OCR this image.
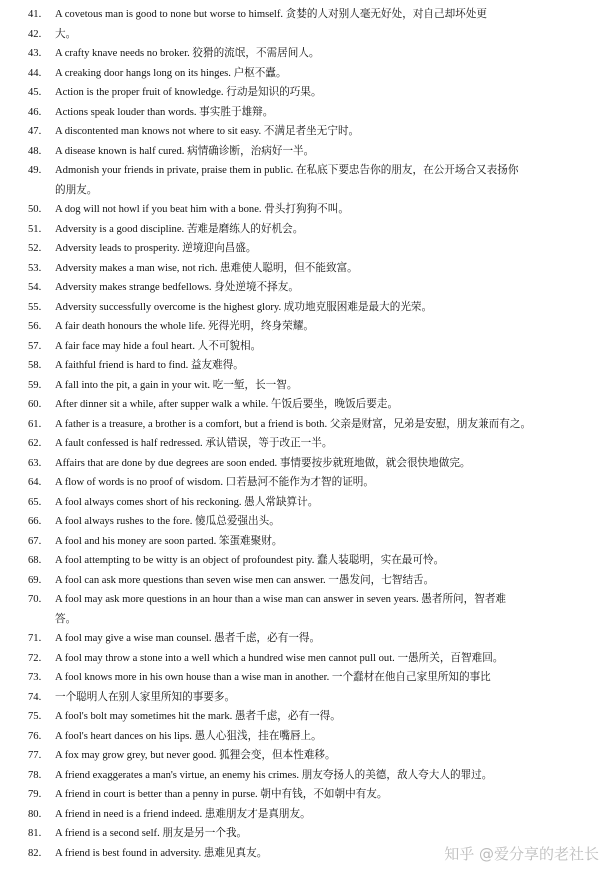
41.	A covetous man is good to none but worse to himself. 贪婪的人对别人毫无好处，对自己却坏处更
42.	大。
43.	A crafty knave needs no broker. 狡猾的流氓，不需居间人。
44.	A creaking door hangs long on its hinges. 户枢不蠹。
45.	Action is the proper fruit of knowledge. 行动是知识的巧果。
46.	Actions speak louder than words. 事实胜于雄辩。
47.	A discontented man knows not where to sit easy. 不满足者坐无宁时。
48.	A disease known is half cured. 病情确诊断，治病好一半。
49.	Admonish your friends in private, praise them in public. 在私底下要忠告你的朋友，在公开场合又表扬你
的朋友。
50.	A dog will not howl if you beat him with a bone. 骨头打狗狗不叫。
51.	Adversity is a good discipline. 苦难是磨练人的好机会。
52.	Adversity leads to prosperity. 逆境迎向昌盛。
53.	Adversity makes a man wise, not rich. 患难使人聪明，但不能致富。
54.	Adversity makes strange bedfellows. 身处逆境不择友。
55.	Adversity successfully overcome is the highest glory. 成功地克服困难是最大的光荣。
56.	A fair death honours the whole life. 死得光明，终身荣耀。
57.	A fair face may hide a foul heart. 人不可貌相。
58.	A faithful friend is hard to find. 益友难得。
59.	A fall into the pit, a gain in your wit. 吃一堑，长一智。
60.	After dinner sit a while, after supper walk a while. 午饭后要坐，晚饭后要走。
61.	A father is a treasure, a brother is a comfort, but a friend is both. 父亲是财富，兄弟是安慰，朋友兼而有之。
62.	A fault confessed is half redressed. 承认错误，等于改正一半。
63.	Affairs that are done by due degrees are soon ended. 事情要按步就班地做，就会很快地做完。
64.	A flow of words is no proof of wisdom. 口若悬河不能作为才智的证明。
65.	A fool always comes short of his reckoning. 愚人常缺算计。
66.	A fool always rushes to the fore. 傻瓜总爱强出头。
67.	A fool and his money are soon parted. 笨蛋难聚财。
68.	A fool attempting to be witty is an object of profoundest pity. 蠢人装聪明，实在最可怜。
69.	A fool can ask more questions than seven wise men can answer. 一愚发问，七智结舌。
70.	A fool may ask more questions in an hour than a wise man can answer in seven years. 愚者所问，智者难
答。
71.	A fool may give a wise man counsel. 愚者千虑，必有一得。
72.	A fool may throw a stone into a well which a hundred wise men cannot pull out. 一愚所关，百智难回。
73.	A fool knows more in his own house than a wise man in another. 一个蠢材在他自己家里所知的事比
74.	一个聪明人在别人家里所知的事要多。
75.	A fool's bolt may sometimes hit the mark. 愚者千虑，必有一得。
76.	A fool's heart dances on his lips. 愚人心狙浅，挂在嘴唇上。
77.	A fox may grow grey, but never good. 狐狸会变，但本性难移。
78.	A friend exaggerates a man's virtue, an enemy his crimes. 朋友夸扬人的美德，敌人夸大人的罪过。
79.	A friend in court is better than a penny in purse. 朝中有钱，不如朝中有友。
80.	A friend in need is a friend indeed. 患难朋友才是真朋友。
81.	A friend is a second self. 朋友是另一个我。
82.	A friend is best found in adversity. 患难见真友。	知乎 @爱分享的老社长
